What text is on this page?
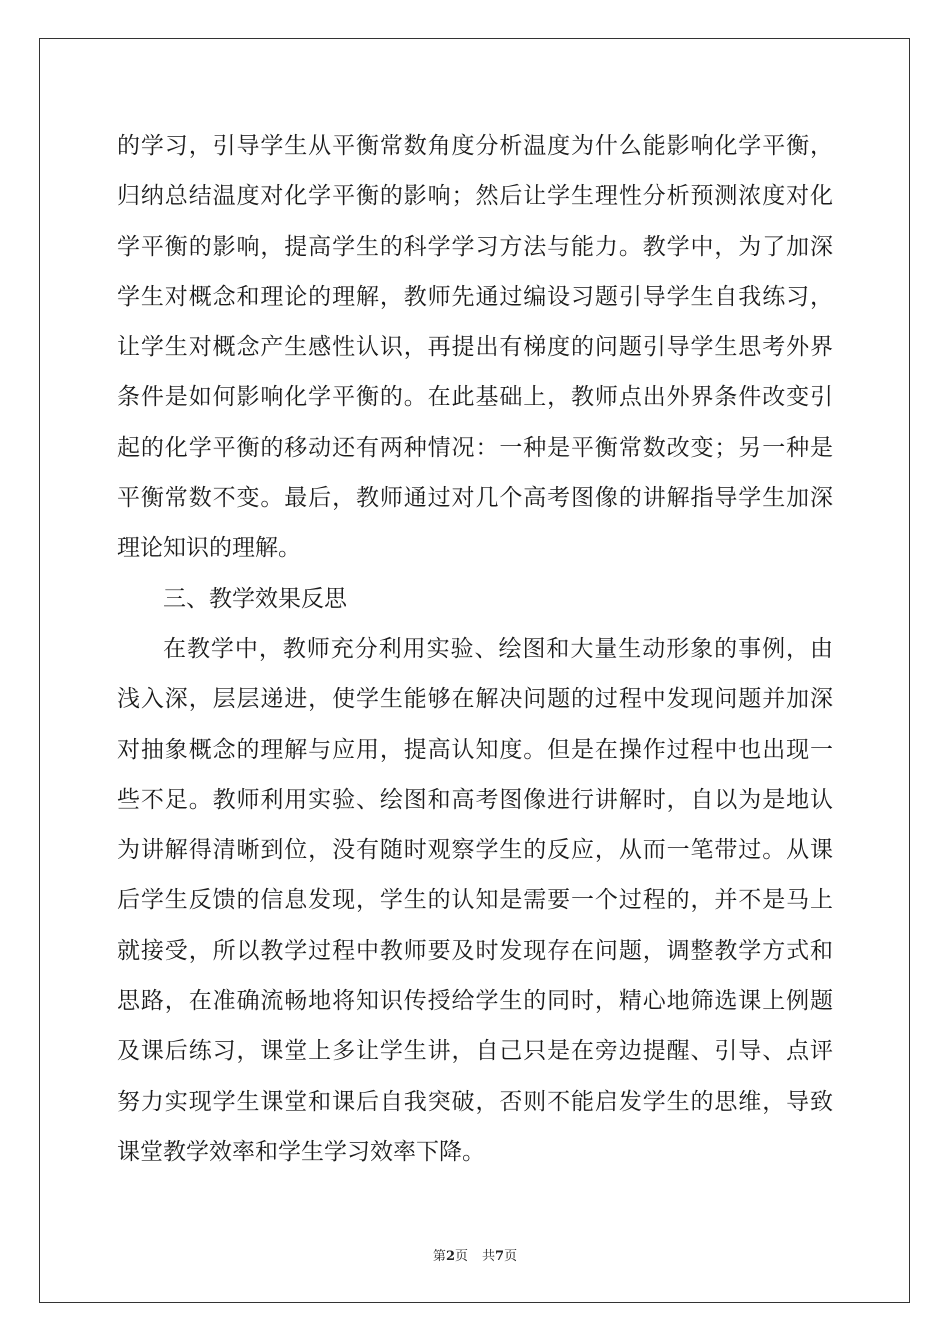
的学习，引导学生从平衡常数角度分析温度为什么能影响化学平衡，
归纳总结温度对化学平衡的影响；然后让学生理性分析预测浓度对化
学平衡的影响，提高学生的科学学习方法与能力。教学中，为了加深
学生对概念和理论的理解，教师先通过编设习题引导学生自我练习，
让学生对概念产生感性认识，再提出有梯度的问题引导学生思考外界
条件是如何影响化学平衡的。在此基础上，教师点出外界条件改变引
起的化学平衡的移动还有两种情况：一种是平衡常数改变；另一种是
平衡常数不变。最后，教师通过对几个高考图像的讲解指导学生加深
理论知识的理解。
三、教学效果反思
在教学中，教师充分利用实验、绘图和大量生动形象的事例，由
浅入深，层层递进，使学生能够在解决问题的过程中发现问题并加深
对抽象概念的理解与应用，提高认知度。但是在操作过程中也出现一
些不足。教师利用实验、绘图和高考图像进行讲解时，自以为是地认
为讲解得清晰到位，没有随时观察学生的反应，从而一笔带过。从课
后学生反馈的信息发现，学生的认知是需要一个过程的，并不是马上
就接受，所以教学过程中教师要及时发现存在问题，调整教学方式和
思路，在准确流畅地将知识传授给学生的同时，精心地筛选课上例题
及课后练习，课堂上多让学生讲，自己只是在旁边提醒、引导、点评
努力实现学生课堂和课后自我突破，否则不能启发学生的思维，导致
课堂教学效率和学生学习效率下降。
第2页 共7页
